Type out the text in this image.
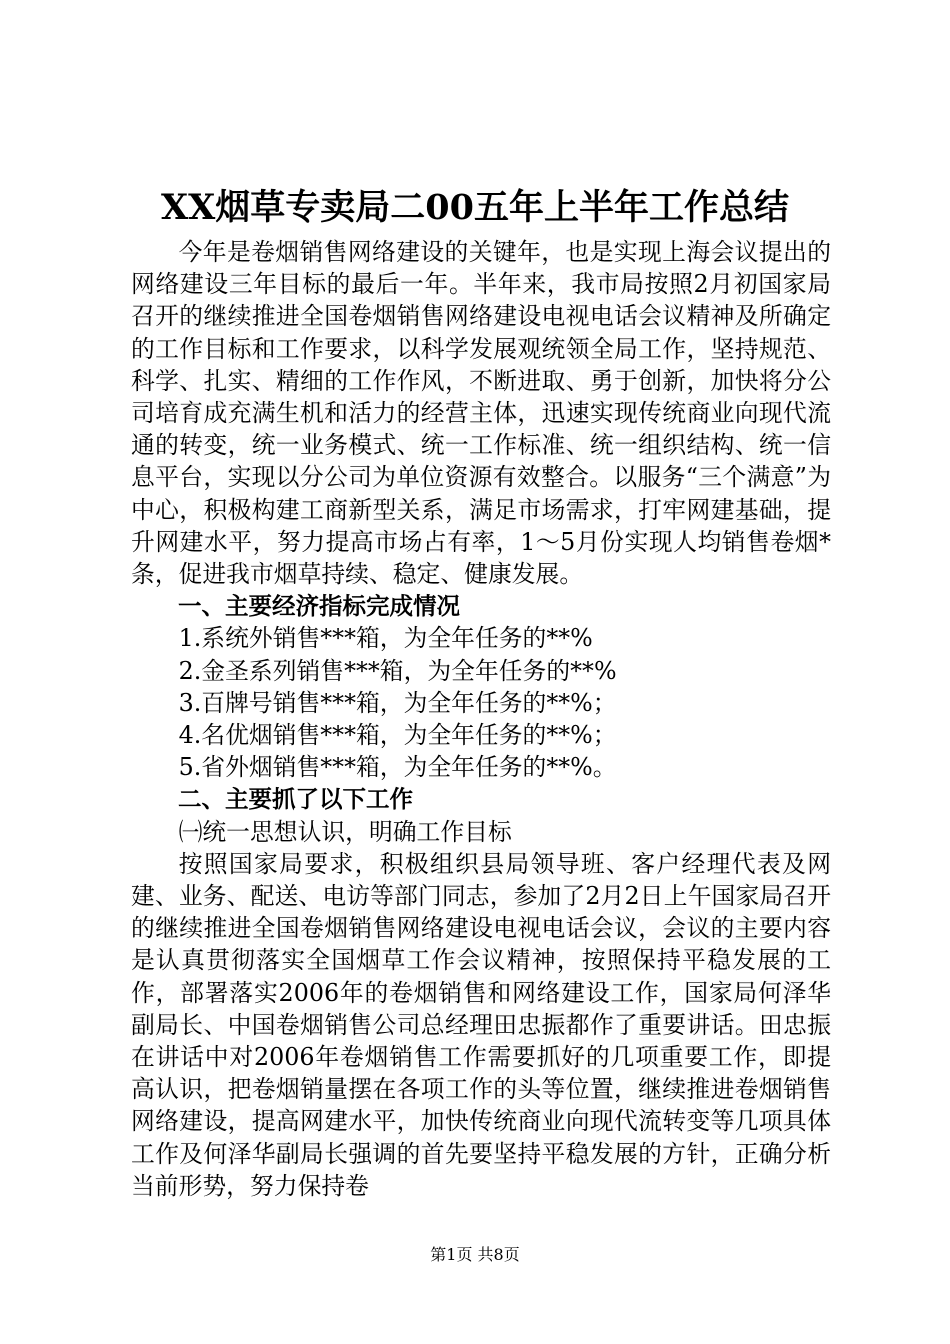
XX烟草专卖局二00五年上半年工作总结

今年是卷烟销售网络建设的关键年，也是实现上海会议提出的网络建设三年目标的最后一年。半年来，我市局按照2月初国家局召开的继续推进全国卷烟销售网络建设电视电话会议精神及所确定的工作目标和工作要求，以科学发展观统领全局工作，坚持规范、科学、扎实、精细的工作作风，不断进取、勇于创新，加快将分公司培育成充满生机和活力的经营主体，迅速实现传统商业向现代流通的转变，统一业务模式、统一工作标准、统一组织结构、统一信息平台，实现以分公司为单位资源有效整合。以服务“三个满意”为中心，积极构建工商新型关系，满足市场需求，打牢网建基础，提升网建水平，努力提高市场占有率，1～5月份实现人均销售卷烟*条，促进我市烟草持续、稳定、健康发展。

一、主要经济指标完成情况

1.系统外销售***箱，为全年任务的**%

2.金圣系列销售***箱，为全年任务的**%

3.百牌号销售***箱，为全年任务的**%；

4.名优烟销售***箱，为全年任务的**%；

5.省外烟销售***箱，为全年任务的**%。

二、主要抓了以下工作

㈠统一思想认识，明确工作目标

按照国家局要求，积极组织县局领导班、客户经理代表及网建、业务、配送、电访等部门同志，参加了2月2日上午国家局召开的继续推进全国卷烟销售网络建设电视电话会议，会议的主要内容是认真贯彻落实全国烟草工作会议精神，按照保持平稳发展的工作，部署落实2006年的卷烟销售和网络建设工作，国家局何泽华副局长、中国卷烟销售公司总经理田忠振都作了重要讲话。田忠振在讲话中对2006年卷烟销售工作需要抓好的几项重要工作，即提高认识，把卷烟销量摆在各项工作的头等位置，继续推进卷烟销售网络建设，提高网建水平，加快传统商业向现代流转变等几项具体工作及何泽华副局长强调的首先要坚持平稳发展的方针，正确分析当前形势，努力保持卷

第1页 共8页
